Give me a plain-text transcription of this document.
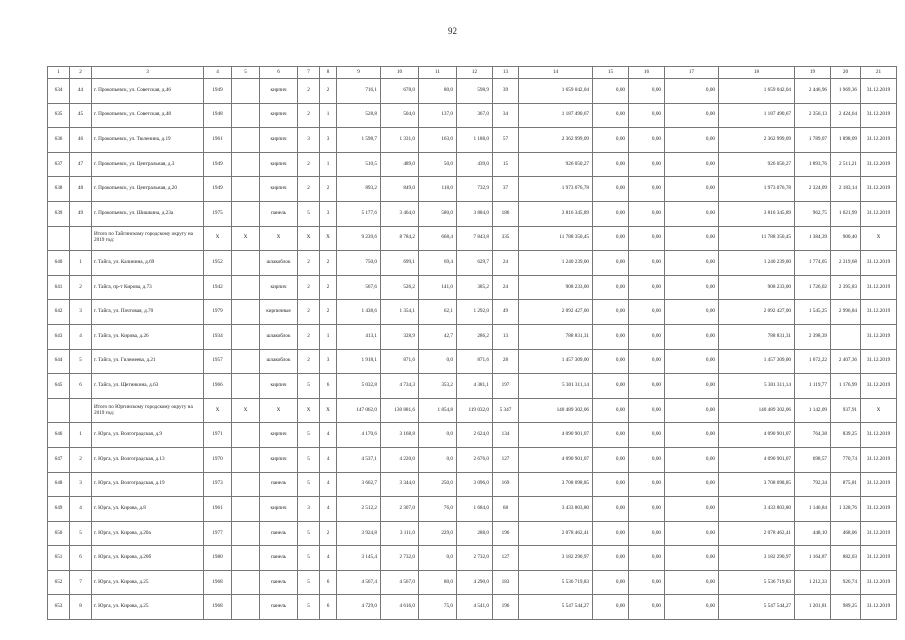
92
1	2	3	4	5	6	7	8	9	10	11	12	13	14	15	16	17	18	19	20	21
634	44	г. Прокопьевск, ул. Советская, д.46	1949		кирпич	2	2	716,1	678,0	80,0	598,9	39	1 659 042,04	0,00	0,00	0,00	1 659 042,04	2 446,96	1 969,36	31.12.2019
635	45	г. Прокопьевск, ул. Советская, д.48	1948		кирпич	2	1	528,8	504,0	137,0	367,0	34	1 187 490,67	0,00	0,00	0,00	1 187 490,67	2 356,13	2 424,64	31.12.2019
636	46	г. Прокопьевск, ул. Тюленина, д.19	1961		кирпич	3	3	1 598,7	1 331,0	163,0	1 188,0	57	2 362 999,09	0,00	0,00	0,00	2 362 999,09	1 789,07	1 898,09	31.12.2019
637	47	г. Прокопьевск, ул. Центральная, д.3	1949		кирпич	2	1	510,5	489,0	50,0	439,0	15	926 050,27	0,00	0,00	0,00	926 050,27	1 893,76	2 511,21	31.12.2019
638	48	г. Прокопьевск, ул. Центральная, д.20	1949		кирпич	2	2	893,2	849,0	118,0	732,9	37	1 973 076,78	0,00	0,00	0,00	1 973 076,78	2 324,09	2 183,14	31.12.2019
639	49	г. Прокопьевск, ул. Шишкина, д.23а	1975		панель	5	3	5 177,6	3 464,0	580,0	3 884,0	186	3 816 345,89	0,00	0,00	0,00	3 816 345,89	962,75	1 021,99	31.12.2019
		Итого по Тайгинскому городскому округу на 2019 год:	X	X	X	X	X	9 239,6	8 784,2	668,4	7 843,8	335	11 788 350,45	0,00	0,00	0,00	11 788 350,45	1 384,39	900,40	X
640	1	г. Тайга, ул. Калинина, д.69	1952		шлакоблок	2	2	750,0	699,1	69,4	629,7	24	1 240 239,00	0,00	0,00	0,00	1 240 239,00	1 774,05	2 319,68	31.12.2019
641	2	г. Тайга, пр-т Кирова, д.73	1942		кирпич	2	2	567,6	526,2	141,0	385,2	24	908 233,00	0,00	0,00	0,00	908 233,00	1 726,02	2 395,83	31.12.2019
642	3	г. Тайга, ул. Почтовая, д.70	1979		кирпичные	2	2	1 438,6	1 354,1	62,1	1 292,0	49	2 092 427,00	0,00	0,00	0,00	2 092 427,00	1 545,25	2 996,84	31.12.2019
643	4	г. Тайга, ул. Кирова, д.26	1934		шлакоблок	2	1	413,1	328,9	42,7	286,2	13	788 831,31	0,00	0,00	0,00	788 831,31	2 398,39		31.12.2019
644	5	г. Тайга, ул. Гилемеева, д.21	1957		шлакоблок	2	3	1 918,1	871,6	0,0	871,6	28	1 457 309,00	0,00	0,00	0,00	1 457 309,00	1 672,22	2 407,36	31.12.2019
645	6	г. Тайга, ул. Щетинкина, д.63	1966		кирпич	5	6	5 032,8	4 734,3	353,2	4 381,1	197	5 301 311,14	0,00	0,00	0,00	5 301 311,14	1 119,77	1 176,99	31.12.2019
		Итого по Юргинскому городскому округу на 2019 год:	X	X	X	X	X	147 062,0	130 881,6	1 854,8	119 032,0	5 347	140 489 302,06	0,00	0,00	0,00	140 489 302,06	1 142,09	937,91	X
646	1	г. Юрга, ул. Волгоградская, д.9	1971		кирпич	5	4	4 170,6	3 168,8	0,0	2 624,0	134	4 090 901,07	0,00	0,00	0,00	4 090 901,07	764,38	839,25	31.12.2019
647	2	г. Юрга, ул. Волгоградская, д.13	1970		кирпич	5	4	4 537,1	4 220,0	0,0	2 676,0	127	4 090 901,07	0,00	0,00	0,00	4 090 901,07	698,57	770,74	31.12.2019
648	3	г. Юрга, ул. Волгоградская, д.19	1973		панель	5	4	3 662,7	3 344,0	250,0	3 096,0	169	3 708 098,85	0,00	0,00	0,00	3 708 098,85	792,34	875,81	31.12.2019
649	4	г. Юрга, ул. Кирова, д.8	1961		кирпич	3	4	2 512,2	2 307,0	76,0	1 684,0	68	3 433 803,80	0,00	0,00	0,00	3 433 803,80	1 146,84	1 328,76	31.12.2019
650	5	г. Юрга, ул. Кирова, д.20а	1977		панель	5	2	3 924,8	3 111,0	229,0	288,0	196	2 078 462,41	0,00	0,00	0,00	2 078 462,41	448,10	468,06	31.12.2019
651	6	г. Юрга, ул. Кирова, д.20б	1980		панель	5	4	3 145,4	2 732,0	0,0	2 732,0	127	3 182 290,97	0,00	0,00	0,00	3 182 290,97	1 164,87	882,03	31.12.2019
652	7	г. Юрга, ул. Кирова, д.25	1968		панель	5	6	4 567,4	4 567,0	80,0	4 290,0	183	5 536 719,83	0,00	0,00	0,00	5 536 719,83	1 212,33	926,74	31.12.2019
653	8	г. Юрга, ул. Кирова, д.25	1968		панель	5	6	4 729,0	4 616,0	75,0	4 541,0	196	5 547 544,27	0,00	0,00	0,00	5 547 544,27	1 201,81	989,25	31.12.2019
